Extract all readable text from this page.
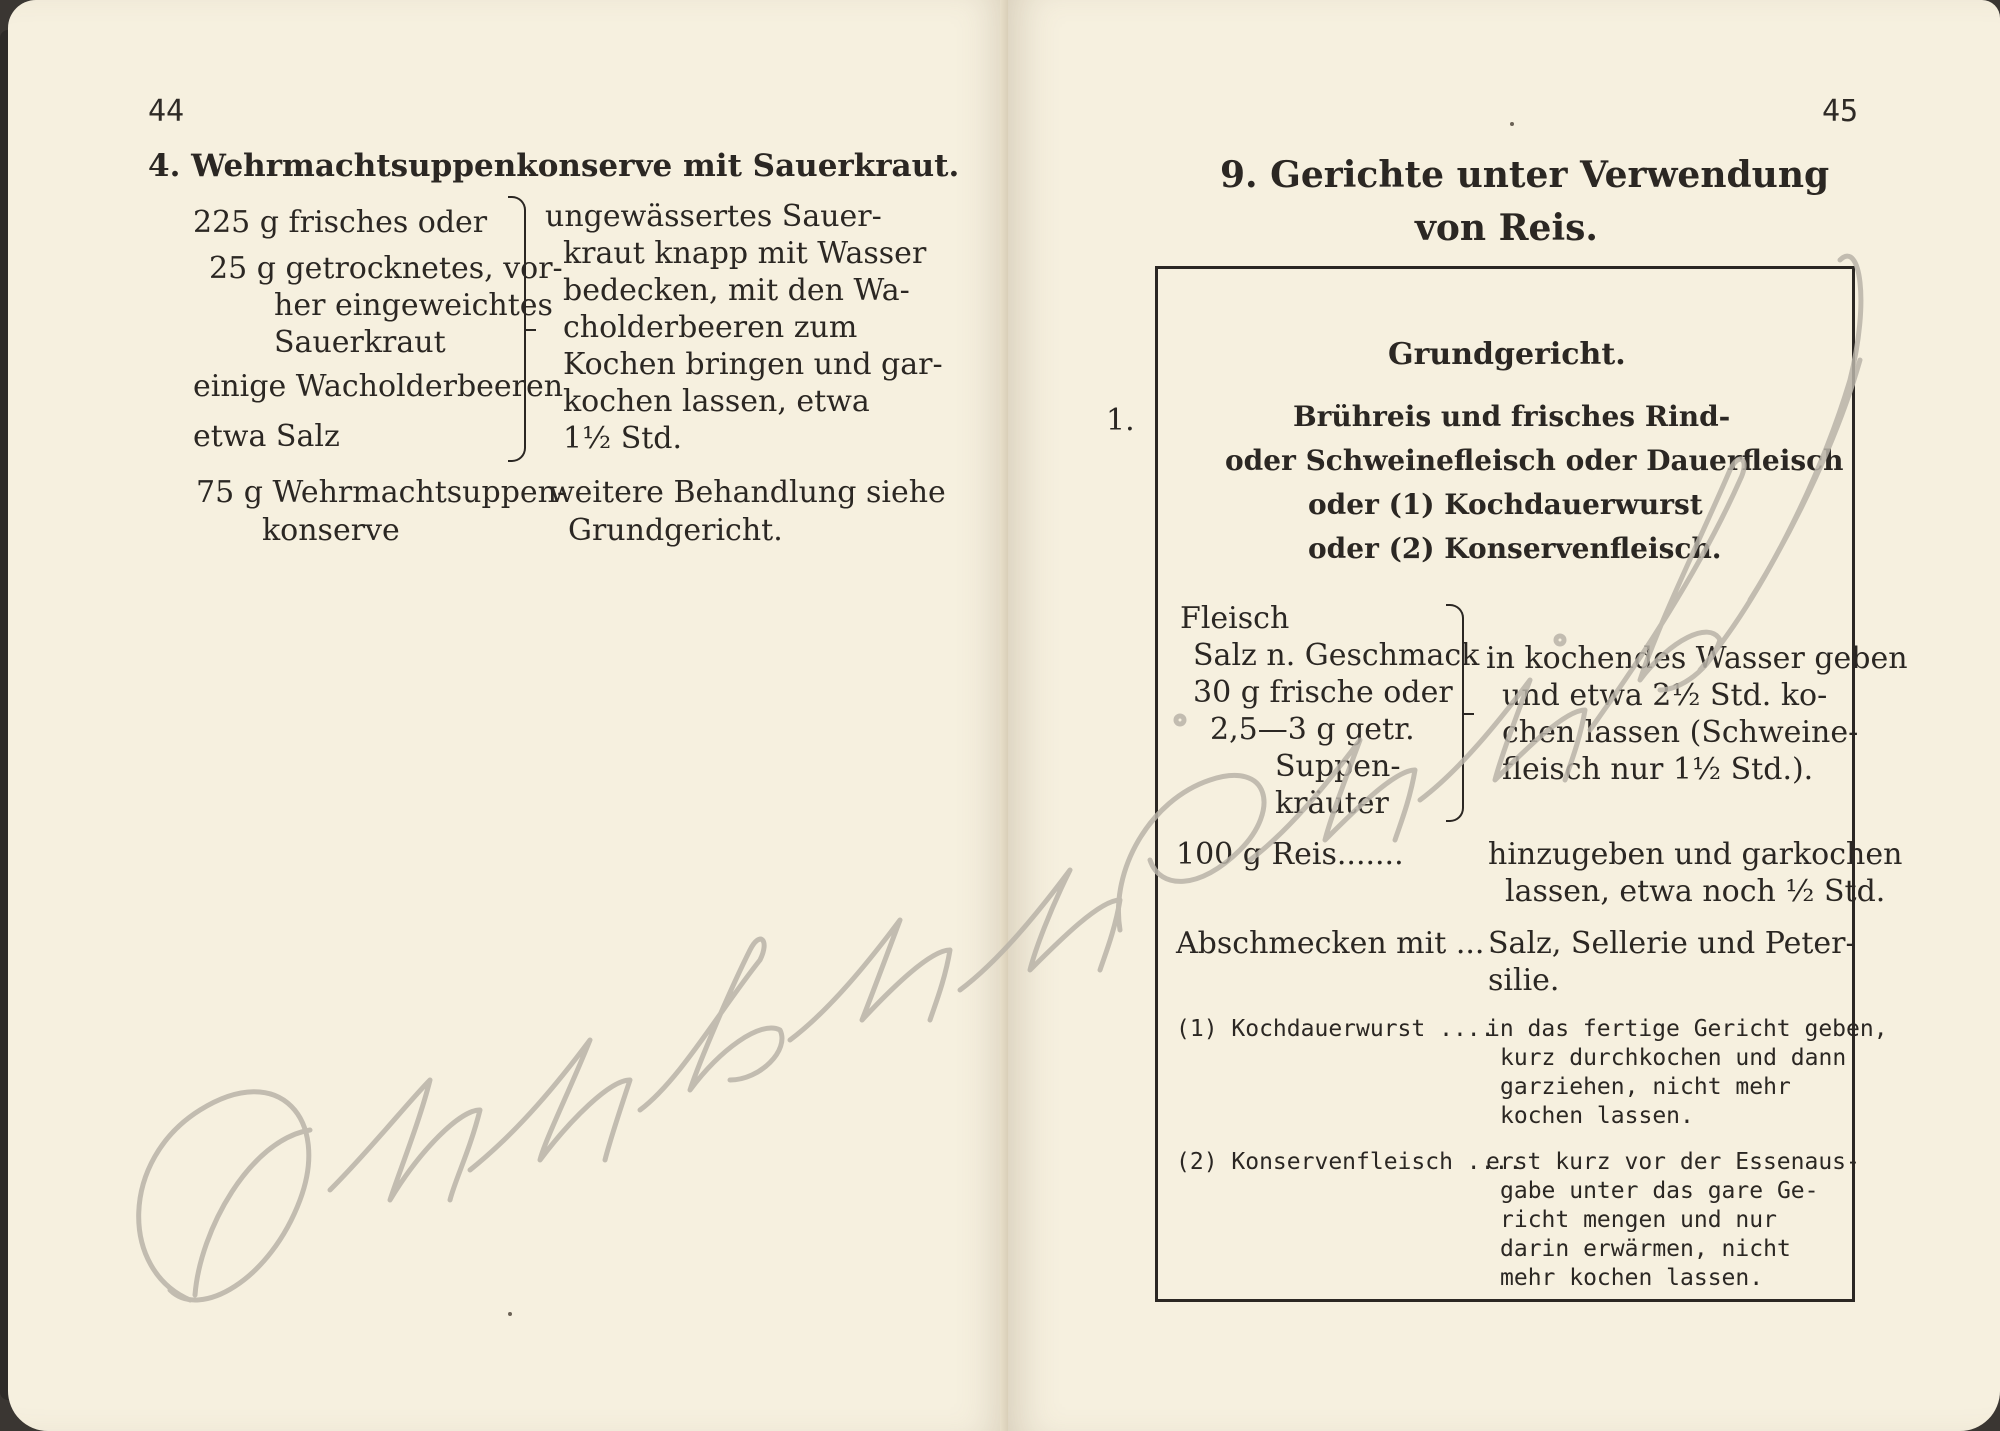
44
4. Wehrmachtsuppenkonserve mit Sauerkraut.
225 g frisches oder
25 g getrocknetes, vor-
her eingeweichtes
Sauerkraut
einige Wacholderbeeren
etwa Salz
ungewässertes Sauer-
kraut knapp mit Wasser
bedecken, mit den Wa-
cholderbeeren zum
Kochen bringen und gar-
kochen lassen, etwa
1½ Std.
75 g Wehrmachtsuppen-
konserve
weitere Behandlung siehe
Grundgericht.
45
9. Gerichte unter Verwendung
von Reis.
Grundgericht.
1.	Brühreis und frisches Rind-
oder Schweinefleisch oder Dauerfleisch
oder (1) Kochdauerwurst
oder (2) Konservenfleisch.
Fleisch
Salz n. Geschmack
30 g frische oder
2,5—3 g getr.
Suppen-
kräuter
in kochendes Wasser geben
und etwa 2½ Std. ko-
chen lassen (Schweine-
fleisch nur 1½ Std.).
100 g Reis.......	hinzugeben und garkochen
lassen, etwa noch ½ Std.
Abschmecken mit ... Salz, Sellerie und Peter-
silie.
(1) Kochdauerwurst ....
in das fertige Gericht geben,
kurz durchkochen und dann
garziehen, nicht mehr
kochen lassen.
(2) Konservenfleisch ....
erst kurz vor der Essenaus-
gabe unter das gare Ge-
richt mengen und nur
darin erwärmen, nicht
mehr kochen lassen.
